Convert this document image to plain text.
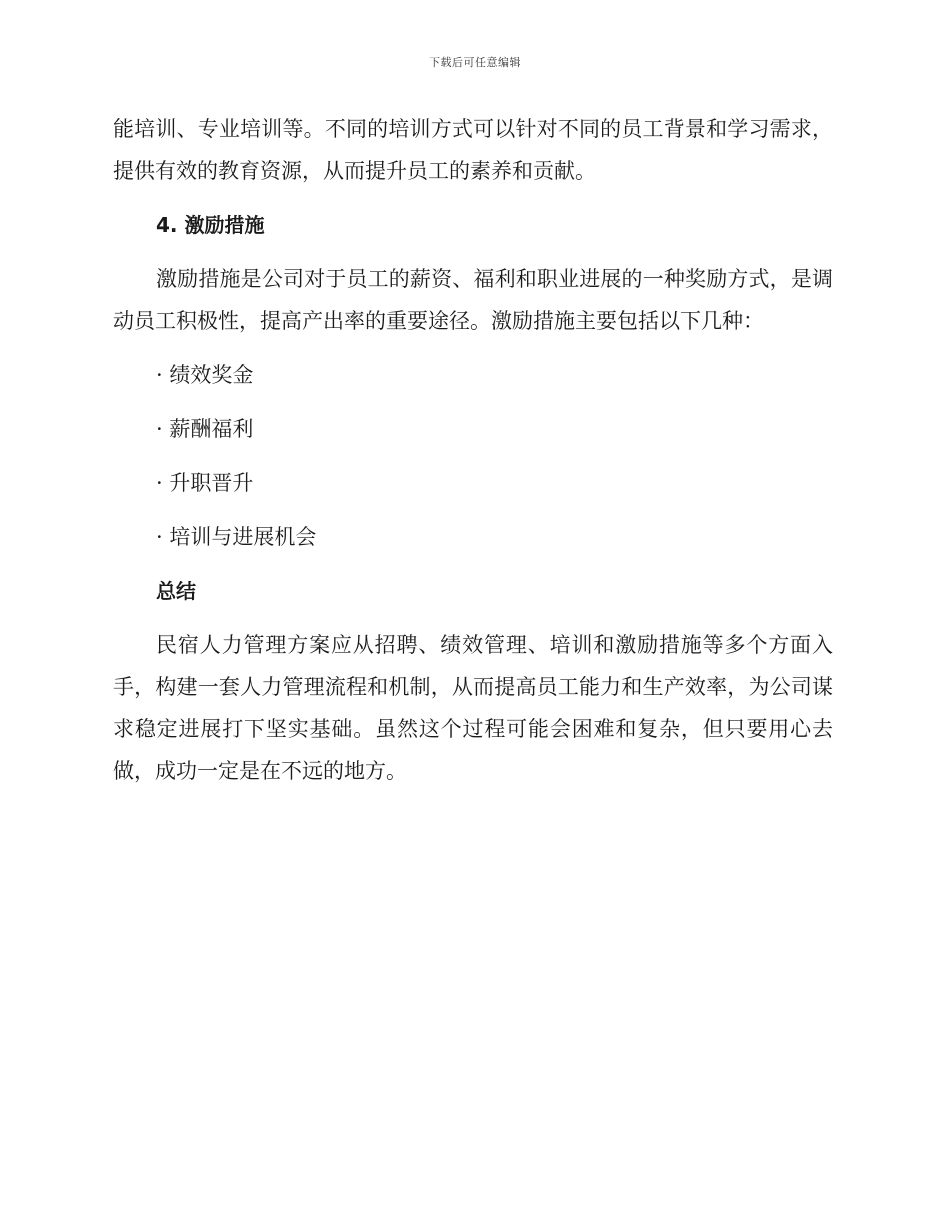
下载后可任意编辑

能培训、专业培训等。不同的培训方式可以针对不同的员工背景和学习需求，提供有效的教育资源，从而提升员工的素养和贡献。

4. 激励措施

激励措施是公司对于员工的薪资、福利和职业进展的一种奖励方式，是调动员工积极性，提高产出率的重要途径。激励措施主要包括以下几种：

· 绩效奖金
· 薪酬福利
· 升职晋升
· 培训与进展机会
总结

民宿人力管理方案应从招聘、绩效管理、培训和激励措施等多个方面入手，构建一套人力管理流程和机制，从而提高员工能力和生产效率，为公司谋求稳定进展打下坚实基础。虽然这个过程可能会困难和复杂，但只要用心去做，成功一定是在不远的地方。
